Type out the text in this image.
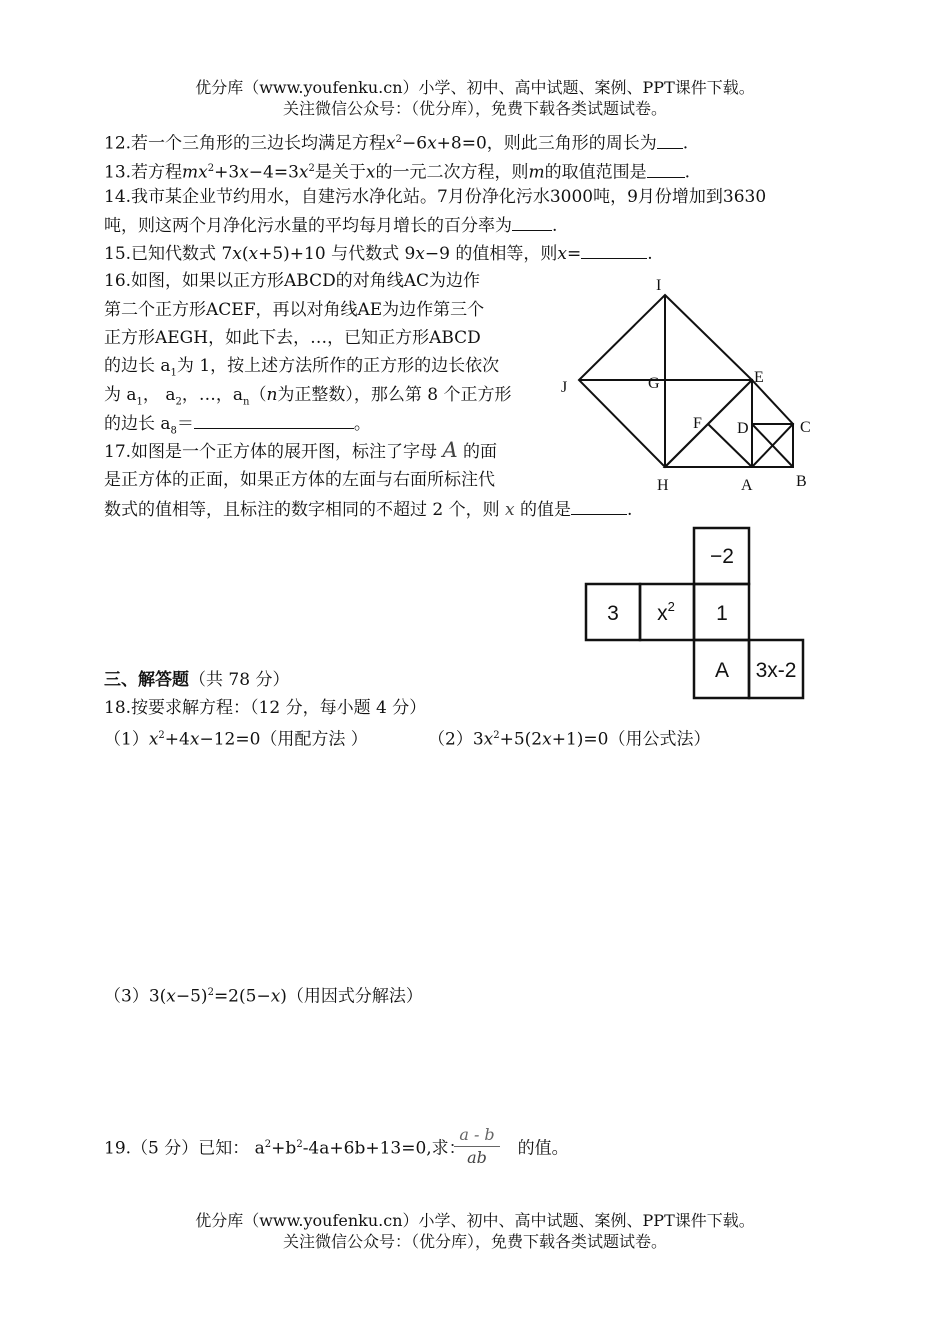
优分库（www.youfenku.cn）小学、初中、高中试题、案例、PPT课件下载。
关注微信公众号：（优分库），免费下载各类试题试卷。
12.若一个三角形的三边长均满足方程$x^2-6x+8=0$，则此三角形的周长为 .
13.若方程$mx^2+3x-4=3x^2$是关于x的一元二次方程，则m的取值范围是 .
14.我市某企业节约用水，自建污水净化站。7月份净化污水3000吨，9月份增加到3630
吨，则这两个月净化污水量的平均每月增长的百分率为 .
15.已知代数式 7x(x+5)+10 与代数式 9x−9 的值相等，则x=	.
16.如图，如果以正方形ABCD的对角线AC为边作
第二个正方形ACEF，再以对角线AE为边作第三个
正方形AEGH，如此下去，…，已知正方形ABCD
的边长 $a_1$为 1，按上述方法所作的正方形的边长依次
为 $a_1$， $a_2$，…，$a_n(n$为正整数），那么第 8 个正方形
的边长 $a_8=$	。
17.如图是一个正方体的展开图，标注了字母 A 的面
是正方体的正面，如果正方体的左面与右面所标注代
数式的值相等，且标注的数字相同的不超过 2 个，则 x 的值是	.
I
J	G	E
F D	C
H	A	B
−2
3 $x^2$ 1
A 3x-2
三、解答题（共 78 分）
18.按要求解方程：（12 分，每小题 4 分）
$(1)x^2+4x-12=0$（用配方法 ）	$(2)3x^2+5(2x+1)=0$（用公式法）
$(3)3(x-5)^2=2(5-x)$（用因式分解法）
19.（5 分）已知： $a^2+b^2-4a+6b+13=0$,求：	的值。
$\frac{a - b}{ab}$
优分库（www.youfenku.cn）小学、初中、高中试题、案例、PPT课件下载。
关注微信公众号：（优分库），免费下载各类试题试卷。
